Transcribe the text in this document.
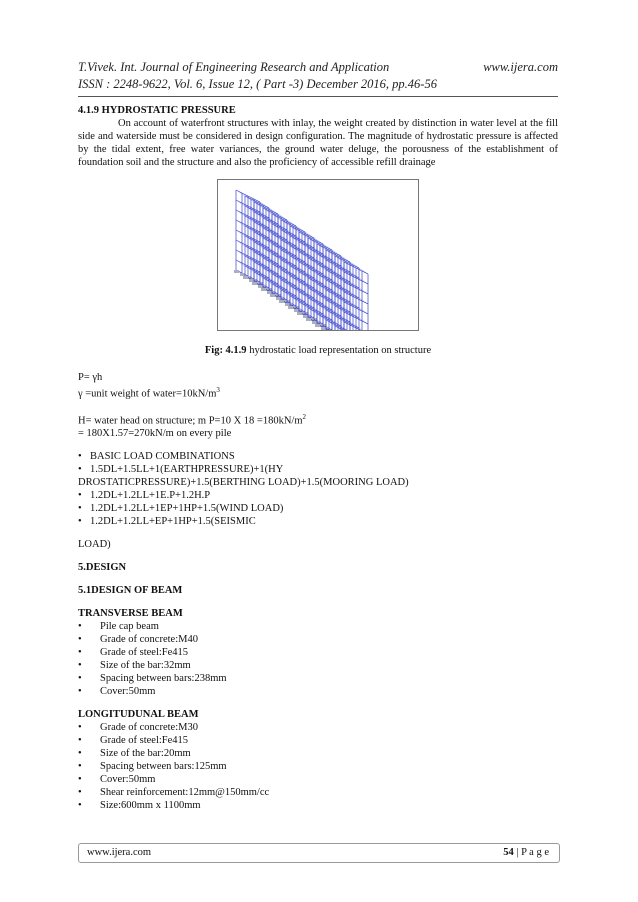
T.Vivek. Int. Journal of Engineering Research and Application	www.ijera.com
ISSN : 2248-9622, Vol. 6, Issue 12, ( Part -3) December 2016, pp.46-56
4.1.9 HYDROSTATIC PRESSURE

On account of waterfront structures with inlay, the weight created by distinction in water level at the fill side and waterside must be considered in design configuration. The magnitude of hydrostatic pressure is affected by the tidal extent, free water variances, the ground water deluge, the porousness of the establishment of foundation soil and the structure and also the proficiency of accessible refill drainage

Fig: 4.1.9 hydrostatic load representation on structure
P= γh
γ =unit weight of $water=10kN/m^3$
H= water head on structure; m P=10 X $18 =180kN/m^2$
= 180X1.57=270kN/m on every pile
• BASIC LOAD COMBINATIONS
• 1.5DL+1.5LL+1(EARTHPRESSURE)+1(HY
DROSTATICPRESSURE)+1.5(BERTHING LOAD)+1.5(MOORING LOAD)
• 1.2DL+1.2LL+1E.P+1.2H.P
• 1.2DL+1.2LL+1EP+1HP+1.5(WIND LOAD)
• 1.2DL+1.2LL+EP+1HP+1.5(SEISMIC
LOAD)
5.DESIGN
5.1DESIGN OF BEAM
TRANSVERSE BEAM
• Pile cap beam
• Grade of concrete:M40
• Grade of steel:Fe415
• Size of the bar:32mm
• Spacing between bars:238mm
• Cover:50mm
LONGITUDUNAL BEAM
• Grade of concrete:M30
• Grade of steel:Fe415
• Size of the bar:20mm
• Spacing between bars:125mm
• Cover:50mm
• Shear reinforcement:12mm@150mm/cc
• Size:600mm x 1100mm
www.ijera.com	54 | P a g e
